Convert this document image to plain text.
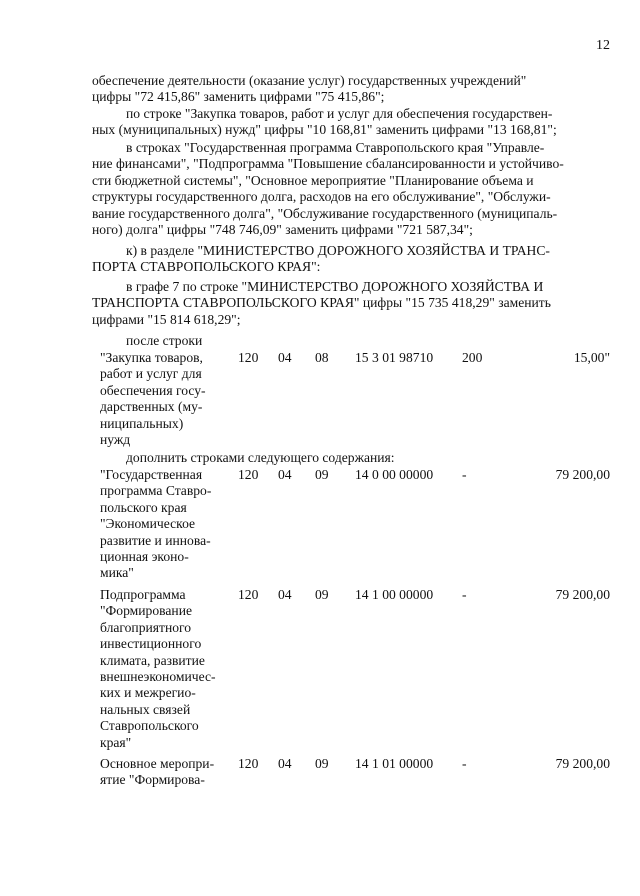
12
обеспечение деятельности (оказание услуг) государственных учреждений"
цифры "72 415,86" заменить цифрами "75 415,86";
по строке "Закупка товаров, работ и услуг для обеспечения государствен-
ных (муниципальных) нужд" цифры "10 168,81" заменить цифрами "13 168,81";
в строках "Государственная программа Ставропольского края "Управле-
ние финансами", "Подпрограмма "Повышение сбалансированности и устойчиво-
сти бюджетной системы", "Основное мероприятие "Планирование объема и
структуры государственного долга, расходов на его обслуживание", "Обслужи-
вание государственного долга", "Обслуживание государственного (муниципаль-
ного) долга" цифры "748 746,09" заменить цифрами "721 587,34";
к) в разделе "МИНИСТЕРСТВО ДОРОЖНОГО ХОЗЯЙСТВА И ТРАНС-
ПОРТА СТАВРОПОЛЬСКОГО КРАЯ":
в графе 7 по строке "МИНИСТЕРСТВО ДОРОЖНОГО ХОЗЯЙСТВА И
ТРАНСПОРТА СТАВРОПОЛЬСКОГО КРАЯ" цифры "15 735 418,29" заменить
цифрами "15 814 618,29";
после строки
"Закупка товаров,
работ и услуг для
обеспечения госу-
дарственных (му-
ниципальных)
нужд
120 04 08 15 3 01 98710 200	15,00"
дополнить строками следующего содержания:
"Государственная
программа Ставро-
польского края
"Экономическое
развитие и иннова-
ционная эконо-
мика"
120 04 09 14 0 00 00000 -	79 200,00
Подпрограмма
"Формирование
благоприятного
инвестиционного
климата, развитие
внешнеэкономичес-
ких и межрегио-
нальных связей
Ставропольского
края"
120 04 09 14 1 00 00000 -	79 200,00
Основное меропри-
ятие "Формирова-
120 04 09 14 1 01 00000 -	79 200,00
